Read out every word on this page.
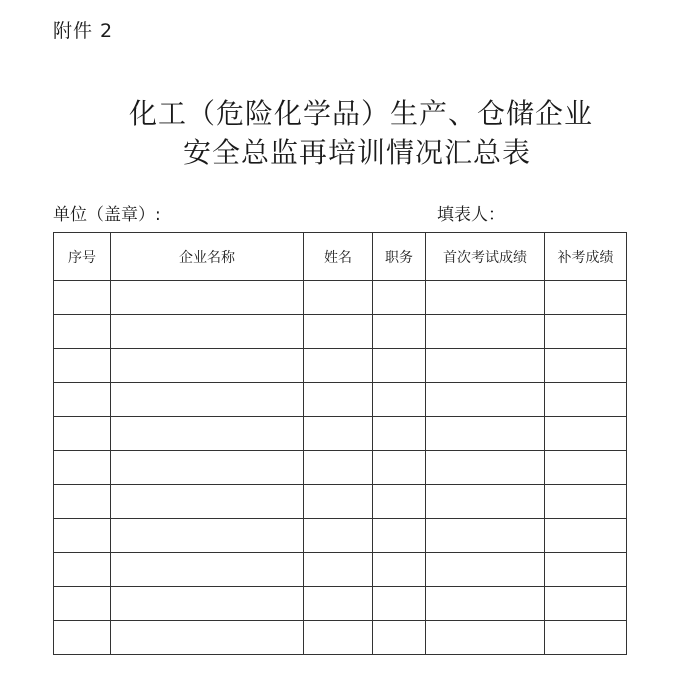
附件 2
化工（危险化学品）生产、仓储企业
安全总监再培训情况汇总表
单位（盖章）:	填表人：
序号	企业名称	姓名	职务	首次考试成绩	补考成绩
